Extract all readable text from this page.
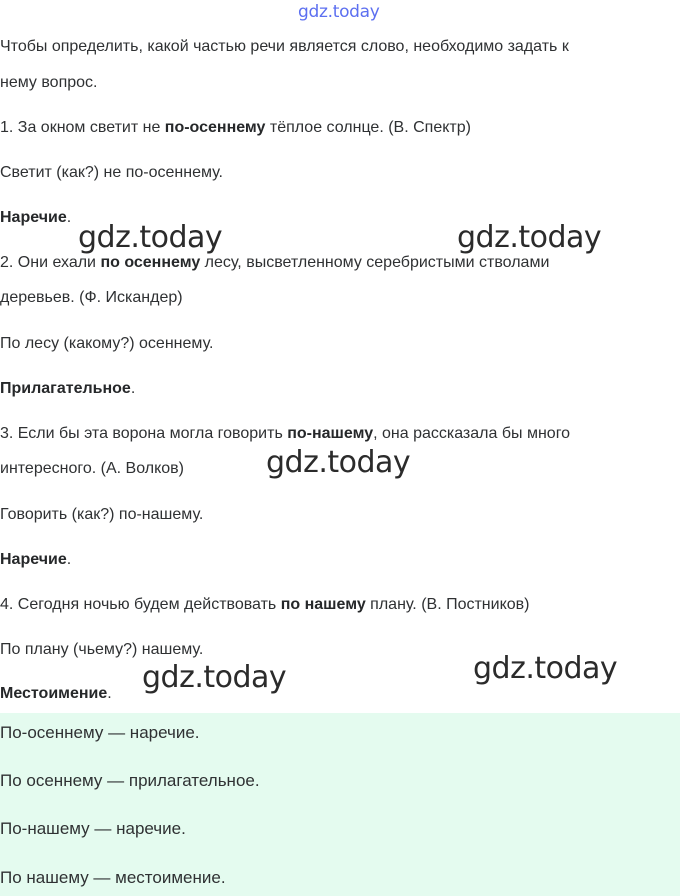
gdz.today

Чтобы определить, какой частью речи является слово, необходимо задать к

нему вопрос.

1. За окном светит не по-осеннему тёплое солнце. (В. Спектр)

Светит (как?) не по-осеннему.

Наречие.

2. Они ехали по осеннему лесу, высветленному серебристыми стволами

деревьев. (Ф. Искандер)

По лесу (какому?) осеннему.

Прилагательное.

3. Если бы эта ворона могла говорить по-нашему, она рассказала бы много

интересного. (А. Волков)

Говорить (как?) по-нашему.

Наречие.

4. Сегодня ночью будем действовать по нашему плану. (В. Постников)

По плану (чьему?) нашему.

Местоимение.

По-осеннему — наречие.

По осеннему — прилагательное.

По-нашему — наречие.

По нашему — местоимение.

gdz.today	gdz.today
gdz.today
gdz.today	gdz.today
